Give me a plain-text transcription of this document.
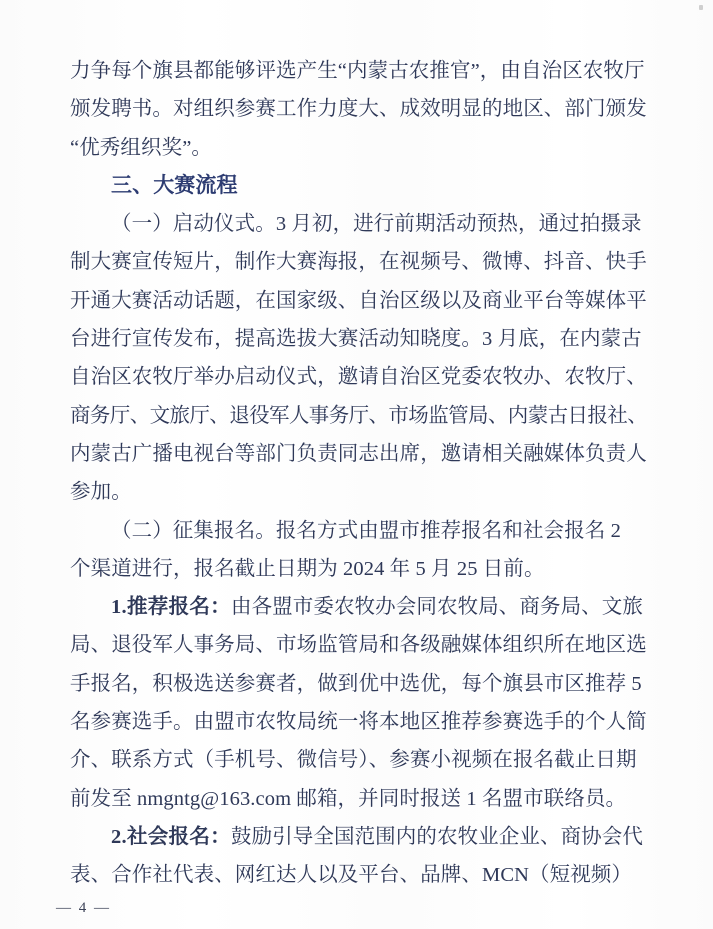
力争每个旗县都能够评选产生“内蒙古农推官”，由自治区农牧厅
颁发聘书。对组织参赛工作力度大、成效明显的地区、部门颁发
“优秀组织奖”。
三、大赛流程
（一）启动仪式。3 月初，进行前期活动预热，通过拍摄录
制大赛宣传短片，制作大赛海报，在视频号、微博、抖音、快手
开通大赛活动话题，在国家级、自治区级以及商业平台等媒体平
台进行宣传发布，提高选拔大赛活动知晓度。3 月底，在内蒙古
自治区农牧厅举办启动仪式，邀请自治区党委农牧办、农牧厅、
商务厅、文旅厅、退役军人事务厅、市场监管局、内蒙古日报社、
内蒙古广播电视台等部门负责同志出席，邀请相关融媒体负责人
参加。
（二）征集报名。报名方式由盟市推荐报名和社会报名 2
个渠道进行，报名截止日期为 2024 年 5 月 25 日前。
1.推荐报名：由各盟市委农牧办会同农牧局、商务局、文旅
局、退役军人事务局、市场监管局和各级融媒体组织所在地区选
手报名，积极选送参赛者，做到优中选优，每个旗县市区推荐 5
名参赛选手。由盟市农牧局统一将本地区推荐参赛选手的个人简
介、联系方式（手机号、微信号）、参赛小视频在报名截止日期
前发至 nmgntg@163.com 邮箱，并同时报送 1 名盟市联络员。
2.社会报名：鼓励引导全国范围内的农牧业企业、商协会代
表、合作社代表、网红达人以及平台、品牌、MCN（短视频）
— 4 —
